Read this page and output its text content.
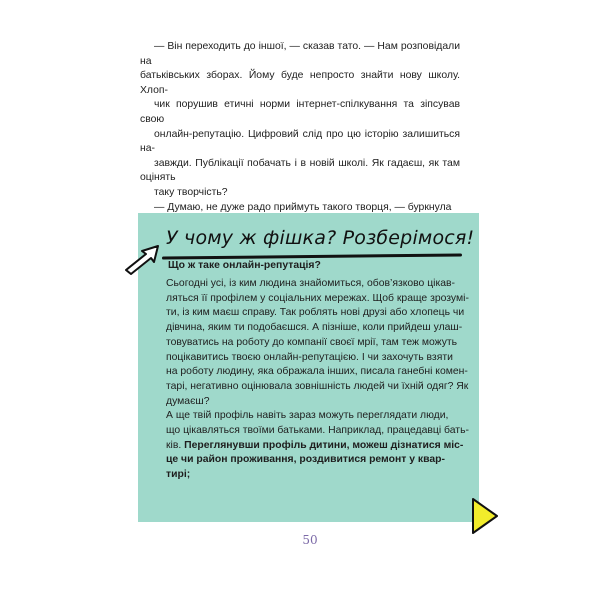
— Він переходить до іншої, — сказав тато. — Нам розповідали на
батьківських зборах. Йому буде непросто знайти нову школу. Хлоп-
чик порушив етичні норми інтернет-спілкування та зіпсував свою
онлайн-репутацію. Цифровий слід про цю історію залишиться на-
завжди. Публікації побачать і в новій школі. Як гадаєш, як там оцінять
таку творчість?

— Думаю, не дуже радо приймуть такого творця, — буркнула

У чому ж фішка? Розберімося!
Що ж таке онлайн-репутація?

Сьогодні усі, із ким людина знайомиться, обов’язково цікав-
ляться її профілем у соціальних мережах. Щоб краще зрозумі-
ти, із ким маєш справу. Так роблять нові друзі або хлопець чи
дівчина, яким ти подобаєшся. А пізніше, коли прийдеш улаш-
товуватись на роботу до компанії своєї мрії, там теж можуть
поцікавитись твоєю онлайн-репутацією. І чи захочуть взяти
на роботу людину, яка ображала інших, писала ганебні комен-
тарі, негативно оцінювала зовнішність людей чи їхній одяг? Як
думаєш?

А ще твій профіль навіть зараз можуть переглядати люди,
що цікавляться твоїми батьками. Наприклад, працедавці бать-
ків. Переглянувши профіль дитини, можеш дізнатися міс-
це чи район проживання, роздивитися ремонт у квар-
тирі;

50
